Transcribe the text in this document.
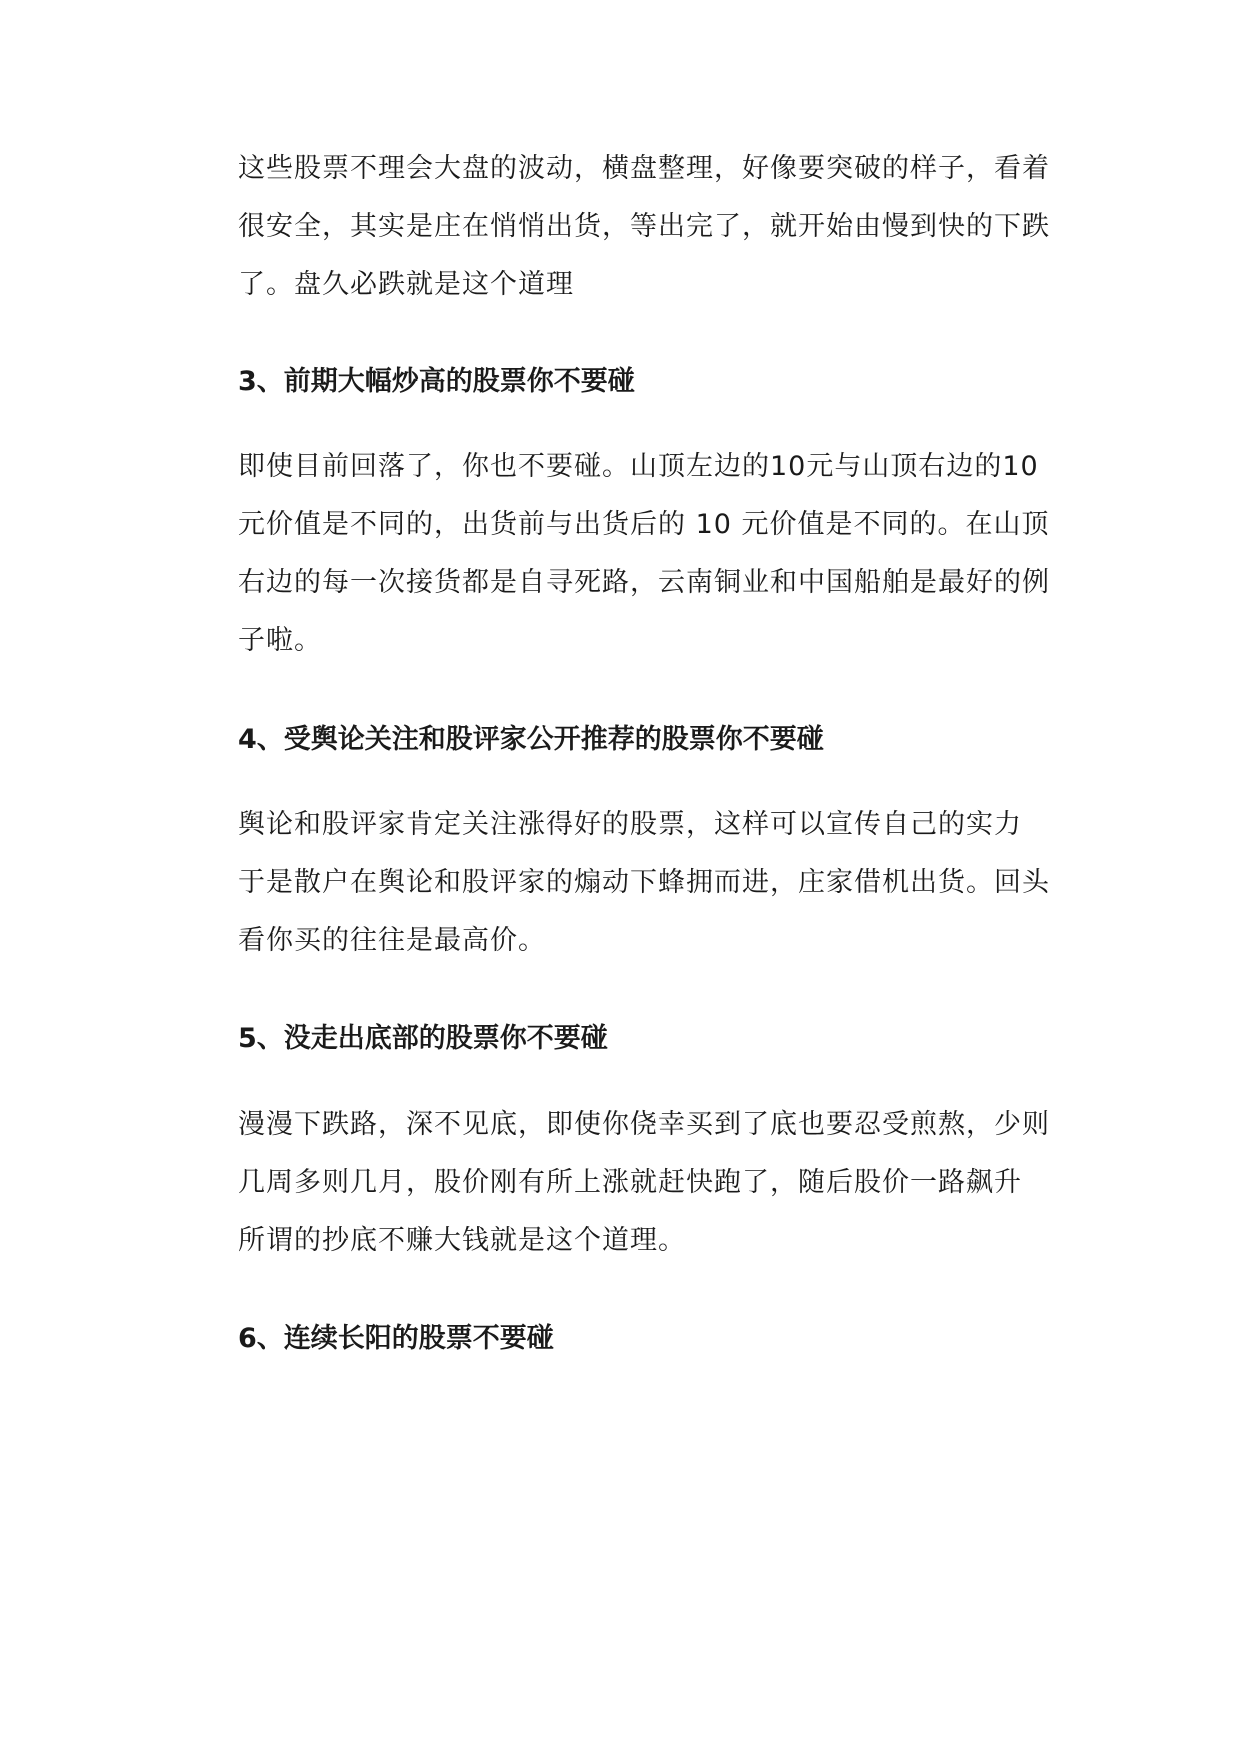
这些股票不理会大盘的波动，横盘整理，好像要突破的样子，看着
很安全，其实是庄在悄悄出货，等出完了，就开始由慢到快的下跌
了。盘久必跌就是这个道理
3、前期大幅炒高的股票你不要碰
即使目前回落了，你也不要碰。山顶左边的10元与山顶右边的10
元价值是不同的，出货前与出货后的 10 元价值是不同的。在山顶
右边的每一次接货都是自寻死路，云南铜业和中国船舶是最好的例
子啦。
4、受舆论关注和股评家公开推荐的股票你不要碰
舆论和股评家肯定关注涨得好的股票，这样可以宣传自己的实力
于是散户在舆论和股评家的煽动下蜂拥而进，庄家借机出货。回头
看你买的往往是最高价。
5、没走出底部的股票你不要碰
漫漫下跌路，深不见底，即使你侥幸买到了底也要忍受煎熬，少则
几周多则几月，股价刚有所上涨就赶快跑了，随后股价一路飙升
所谓的抄底不赚大钱就是这个道理。
6、连续长阳的股票不要碰
